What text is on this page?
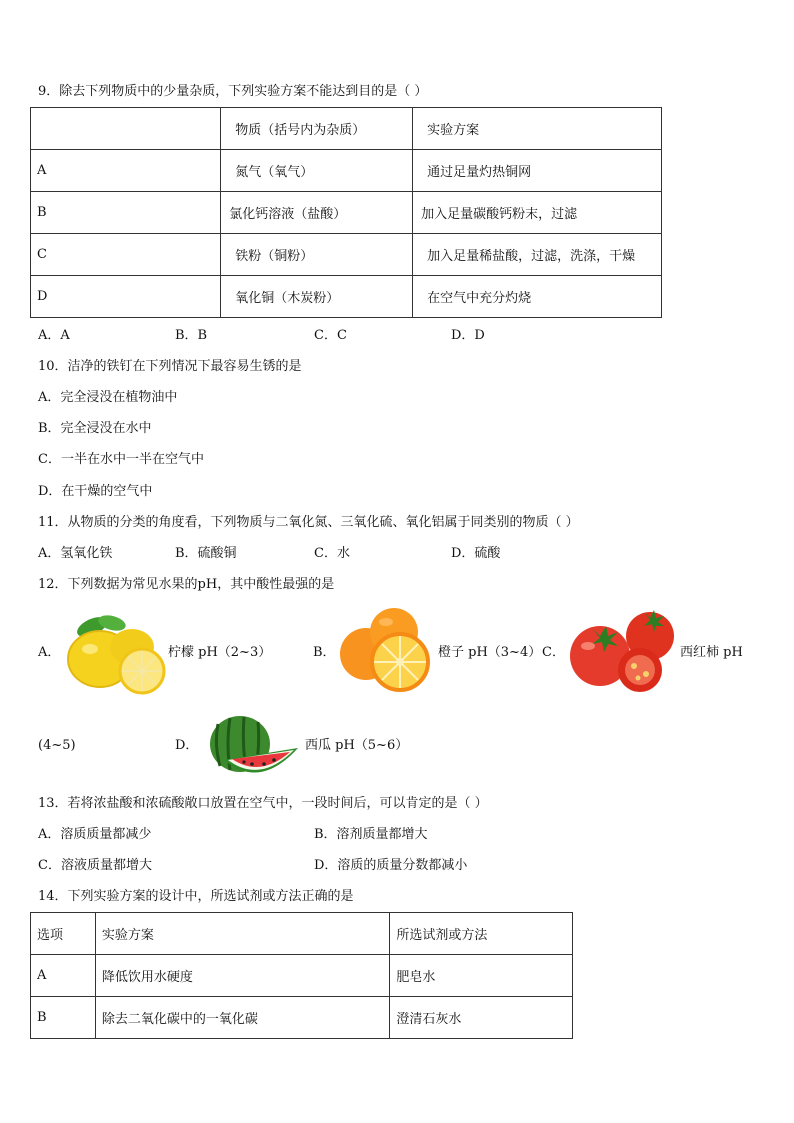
9．除去下列物质中的少量杂质，下列实验方案不能达到目的是（ ）
	物质（括号内为杂质）	实验方案
A	氮气（氧气）	通过足量灼热铜网
B	氯化钙溶液（盐酸）	加入足量碳酸钙粉末，过滤
C	铁粉（铜粉）	加入足量稀盐酸，过滤，洗涤，干燥
D	氧化铜（木炭粉）	在空气中充分灼烧
A．A	B．B	C．C	D．D
10．洁净的铁钉在下列情况下最容易生锈的是
A．完全浸没在植物油中
B．完全浸没在水中
C．一半在水中一半在空气中
D．在干燥的空气中
11．从物质的分类的角度看，下列物质与二氧化氮、三氧化硫、氧化铝属于同类别的物质（ ）
A．氢氧化铁	B．硫酸铜	C．水	D．硫酸
12．下列数据为常见水果的pH，其中酸性最强的是
A．	柠檬 pH（2~3）	B．	橙子 pH（3~4） C．	西红柿 pH
(4~5)	D．	西瓜 pH（5~6）
13．若将浓盐酸和浓硫酸敞口放置在空气中，一段时间后，可以肯定的是（ ）
A．溶质质量都减少	B．溶剂质量都增大
C．溶液质量都增大	D．溶质的质量分数都减小
14．下列实验方案的设计中，所选试剂或方法正确的是
选项	实验方案	所选试剂或方法
A	降低饮用水硬度	肥皂水
B	除去二氧化碳中的一氧化碳	澄清石灰水
